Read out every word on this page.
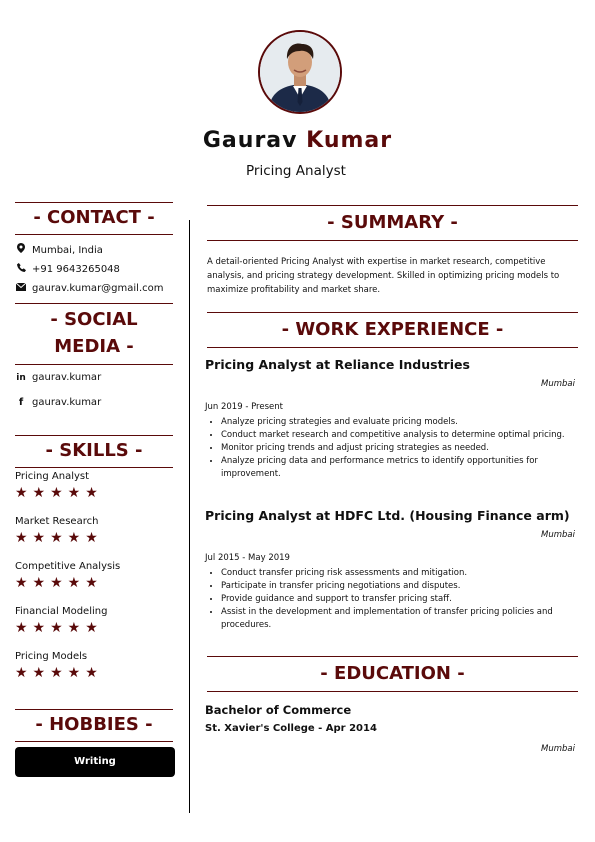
Gaurav Kumar
Pricing Analyst
- CONTACT -
Mumbai, India
+91 9643265048
gaurav.kumar@gmail.com
- SOCIAL
MEDIA -
in gaurav.kumar
f gaurav.kumar
- SKILLS -
Pricing Analyst
★★★★★
Market Research
★★★★★
Competitive Analysis
★★★★★
Financial Modeling
★★★★★
Pricing Models
★★★★★
- HOBBIES -
Writing
- SUMMARY -
A detail-oriented Pricing Analyst with expertise in market research, competitive analysis, and pricing strategy development. Skilled in optimizing pricing models to maximize profitability and market share.
- WORK EXPERIENCE -
Pricing Analyst at Reliance Industries
Mumbai
Jun 2019 - Present
• Analyze pricing strategies and evaluate pricing models.
• Conduct market research and competitive analysis to determine optimal pricing.
• Monitor pricing trends and adjust pricing strategies as needed.
• Analyze pricing data and performance metrics to identify opportunities for improvement.
Pricing Analyst at HDFC Ltd. (Housing Finance arm)
Mumbai
Jul 2015 - May 2019
• Conduct transfer pricing risk assessments and mitigation.
• Participate in transfer pricing negotiations and disputes.
• Provide guidance and support to transfer pricing staff.
• Assist in the development and implementation of transfer pricing policies and procedures.
- EDUCATION -
Bachelor of Commerce
St. Xavier's College - Apr 2014
Mumbai
